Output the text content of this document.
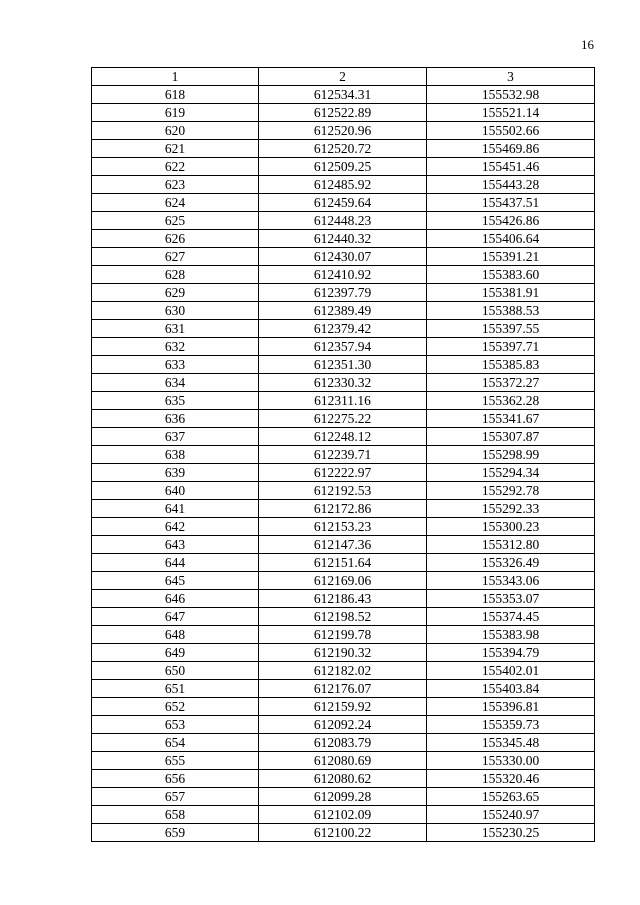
16
1	2	3
618	612534.31	155532.98
619	612522.89	155521.14
620	612520.96	155502.66
621	612520.72	155469.86
622	612509.25	155451.46
623	612485.92	155443.28
624	612459.64	155437.51
625	612448.23	155426.86
626	612440.32	155406.64
627	612430.07	155391.21
628	612410.92	155383.60
629	612397.79	155381.91
630	612389.49	155388.53
631	612379.42	155397.55
632	612357.94	155397.71
633	612351.30	155385.83
634	612330.32	155372.27
635	612311.16	155362.28
636	612275.22	155341.67
637	612248.12	155307.87
638	612239.71	155298.99
639	612222.97	155294.34
640	612192.53	155292.78
641	612172.86	155292.33
642	612153.23	155300.23
643	612147.36	155312.80
644	612151.64	155326.49
645	612169.06	155343.06
646	612186.43	155353.07
647	612198.52	155374.45
648	612199.78	155383.98
649	612190.32	155394.79
650	612182.02	155402.01
651	612176.07	155403.84
652	612159.92	155396.81
653	612092.24	155359.73
654	612083.79	155345.48
655	612080.69	155330.00
656	612080.62	155320.46
657	612099.28	155263.65
658	612102.09	155240.97
659	612100.22	155230.25
